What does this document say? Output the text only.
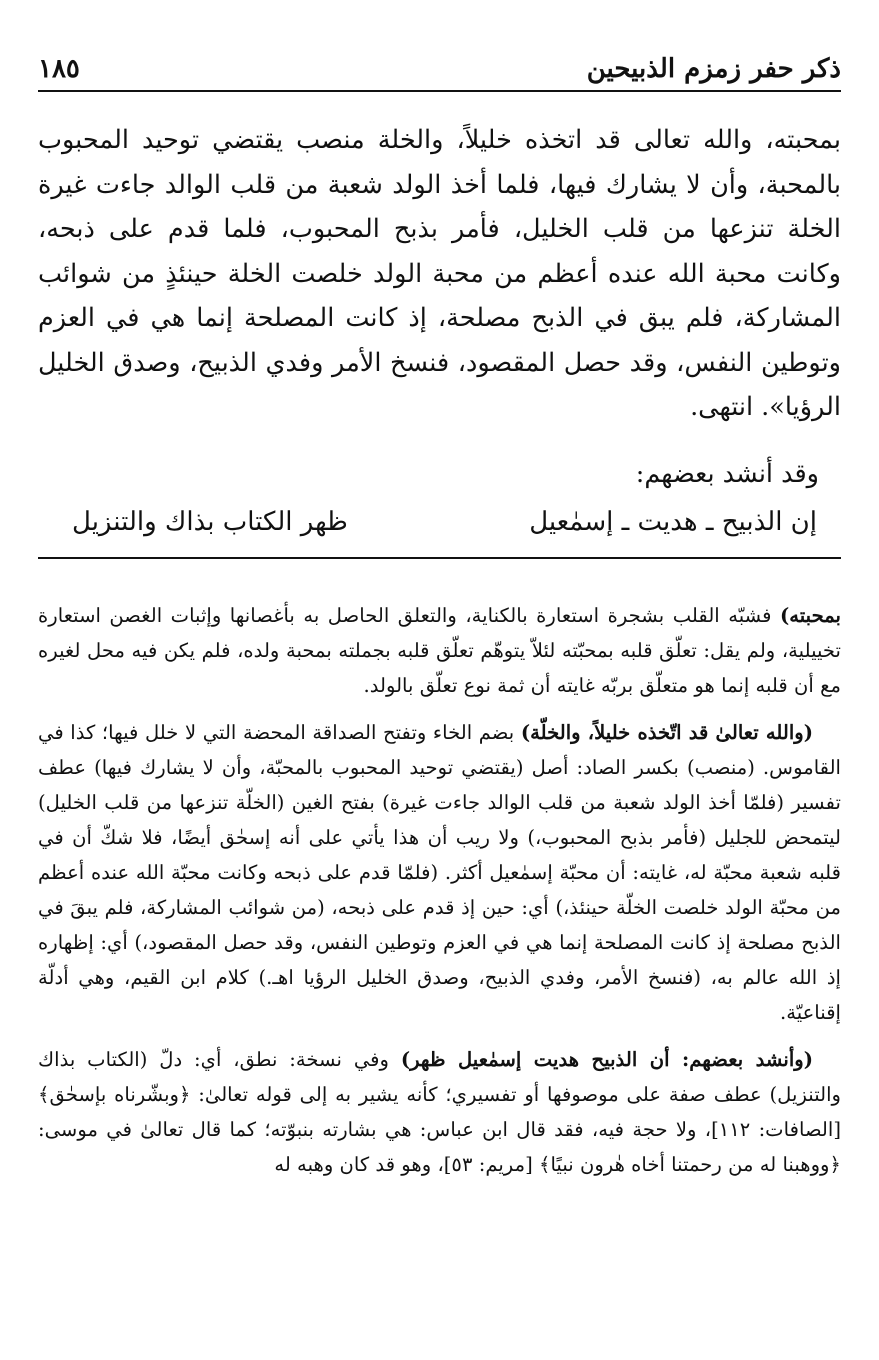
ذكر حفر زمزم الذبيحين
١٨٥

بمحبته، والله تعالى قد اتخذه خليلاً، والخلة منصب يقتضي توحيد المحبوب بالمحبة، وأن لا يشارك فيها، فلما أخذ الولد شعبة من قلب الوالد جاءت غيرة الخلة تنزعها من قلب الخليل، فأمر بذبح المحبوب، فلما قدم على ذبحه، وكانت محبة الله عنده أعظم من محبة الولد خلصت الخلة حينئذٍ من شوائب المشاركة، فلم يبق في الذبح مصلحة، إذ كانت المصلحة إنما هي في العزم وتوطين النفس، وقد حصل المقصود، فنسخ الأمر وفدي الذبيح، وصدق الخليل الرؤيا». انتهى.

وقد أنشد بعضهم:

إن الذبيح ـ هديت ـ إسمٰعيل
ظهر الكتاب بذاك والتنزيل

بمحبته) فشبّه القلب بشجرة استعارة بالكناية، والتعلق الحاصل به بأغصانها وإثبات الغصن استعارة تخييلية، ولم يقل: تعلّق قلبه بمحبّته لئلاّ يتوهّم تعلّق قلبه بجملته بمحبة ولده، فلم يكن فيه محل لغيره مع أن قلبه إنما هو متعلّق بربّه غايته أن ثمة نوع تعلّق بالولد.

(والله تعالىٰ قد اتّخذه خليلاً، والخلّة) بضم الخاء وتفتح الصداقة المحضة التي لا خلل فيها؛ كذا في القاموس. (منصب) بكسر الصاد: أصل (يقتضي توحيد المحبوب بالمحبّة، وأن لا يشارك فيها) عطف تفسير (فلمّا أخذ الولد شعبة من قلب الوالد جاءت غيرة) بفتح الغين (الخلّة تنزعها من قلب الخليل) ليتمحض للجليل (فأمر بذبح المحبوب،) ولا ريب أن هذا يأتي على أنه إسحٰق أيضًا، فلا شكّ أن في قلبه شعبة محبّة له، غايته: أن محبّة إسمٰعيل أكثر. (فلمّا قدم على ذبحه وكانت محبّة الله عنده أعظم من محبّة الولد خلصت الخلّة حينئذ،) أي: حين إذ قدم على ذبحه، (من شوائب المشاركة، فلم يبقَ في الذبح مصلحة إذ كانت المصلحة إنما هي في العزم وتوطين النفس، وقد حصل المقصود،) أي: إظهاره إذ الله عالم به، (فنسخ الأمر، وفدي الذبيح، وصدق الخليل الرؤيا اهـ.) كلام ابن القيم، وهي أدلّة إقناعيّة.

(وأنشد بعضهم: أن الذبيح هديت إسمٰعيل ظهر) وفي نسخة: نطق، أي: دلّ (الكتاب بذاك والتنزيل) عطف صفة على موصوفها أو تفسيري؛ كأنه يشير به إلى قوله تعالىٰ: ﴿وبشّرناه بإسحٰق﴾ [الصافات: ١١٢]، ولا حجة فيه، فقد قال ابن عباس: هي بشارته بنبوّته؛ كما قال تعالىٰ في موسى: ﴿ووهبنا له من رحمتنا أخاه هٰرون نبيًا﴾ [مريم: ٥٣]، وهو قد كان وهبه له
